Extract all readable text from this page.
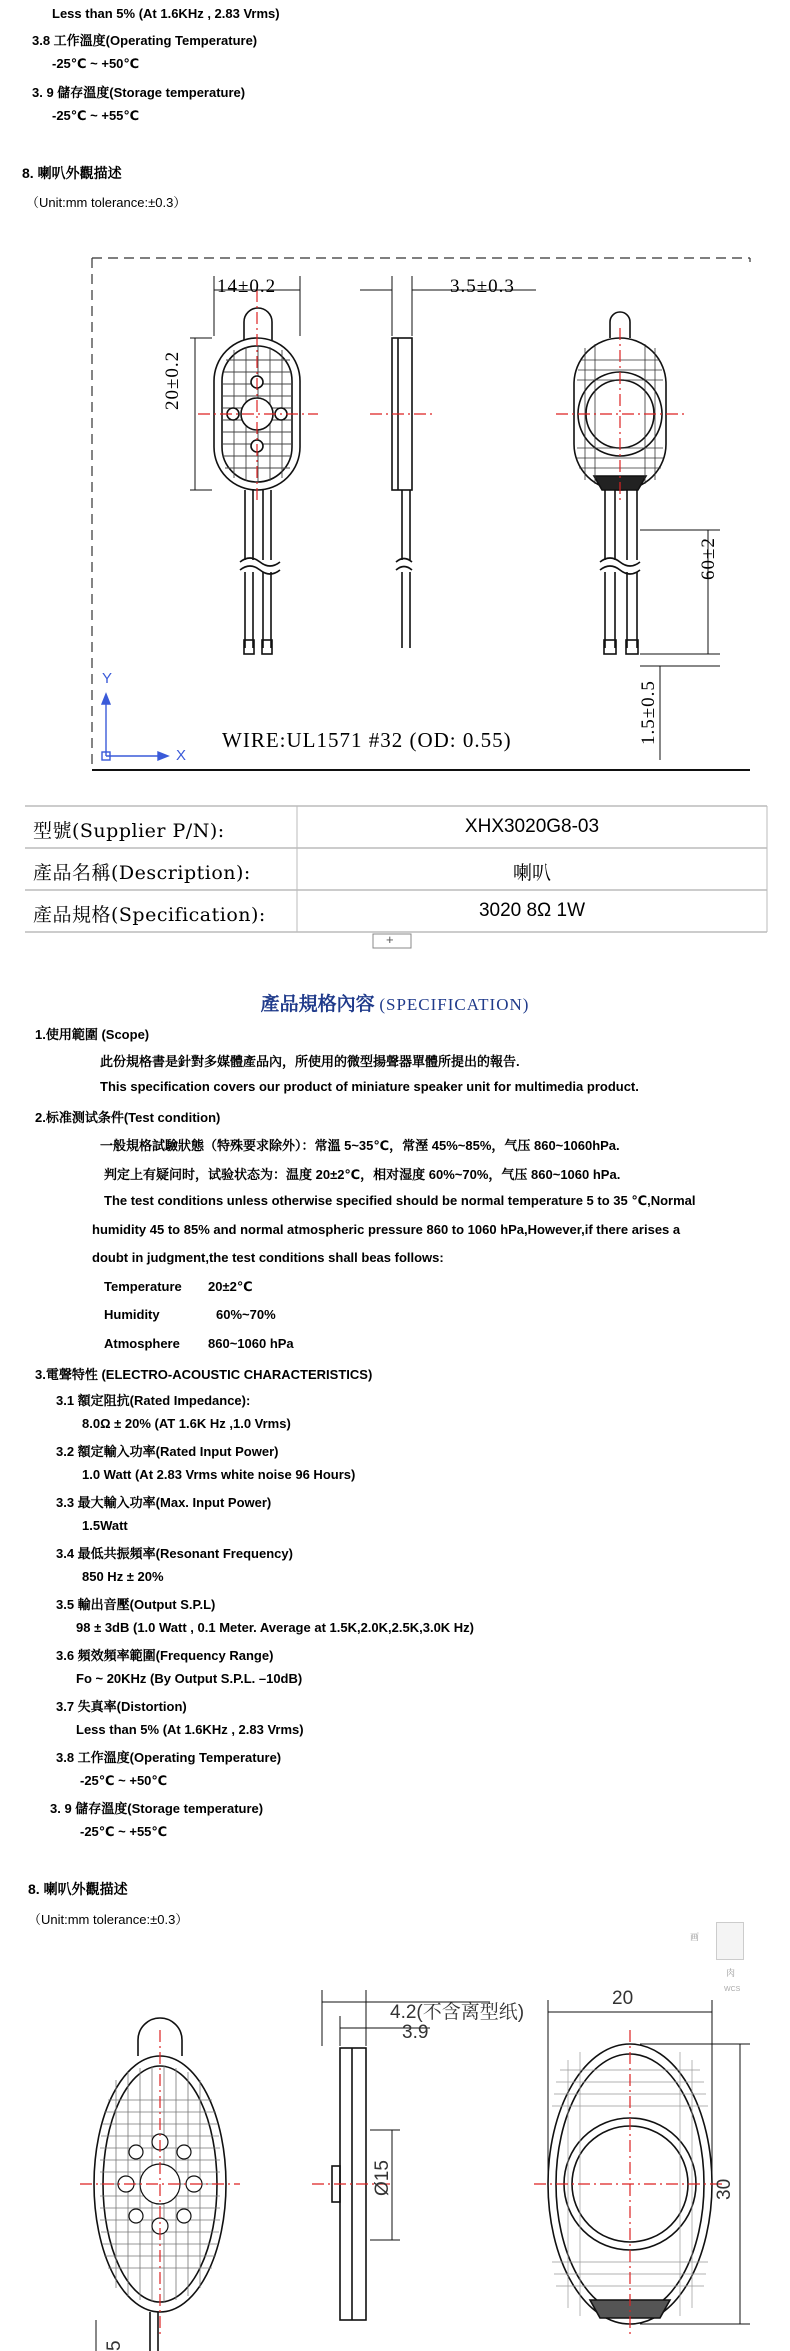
Less than 5% (At 1.6KHz , 2.83 Vrms)
3.8 工作溫度(Operating Temperature)
-25℃ ~ +50℃
3. 9 儲存溫度(Storage temperature)
-25℃ ~ +55℃
8. 喇叭外觀描述
（Unit:mm tolerance:±0.3）
14±0.2	3.5±0.3
20±0.2
60±2
1.5±0.5
Y
X
WIRE:UL1571 #32 (OD: 0.55)
型號(Supplier P/N):	XHX3020G8-03
產品名稱(Description):	喇叭
產品規格(Specification):	3020 8Ω 1W
+
產品規格內容 (SPECIFICATION)
1.使用範圍 (Scope)
此份規格書是針對多媒體產品內，所使用的微型揚聲器單體所提出的報告.
This specification covers our product of miniature speaker unit for multimedia product.
2.标准测试条件(Test condition)
一般規格試驗狀態（特殊要求除外）：常溫 5~35℃，常溼 45%~85%，气压 860~1060hPa.
判定上有疑问时，试验状态为：温度 20±2℃，相对湿度 60%~70%，气压 860~1060 hPa.
The test conditions unless otherwise specified should be normal temperature 5 to 35 ℃,Normal
humidity 45 to 85% and normal atmospheric pressure 860 to 1060 hPa,However,if there arises a
doubt in judgment,the test conditions shall beas follows:
Temperature 20±2℃
Humidity	60%~70%
Atmosphere 860~1060 hPa
3.電聲特性 (ELECTRO-ACOUSTIC CHARACTERISTICS)
3.1 額定阻抗(Rated Impedance):
8.0Ω ± 20% (AT 1.6K Hz ,1.0 Vrms)
3.2 額定輸入功率(Rated Input Power)
1.0 Watt (At 2.83 Vrms white noise 96 Hours)
3.3 最大輸入功率(Max. Input Power)
1.5Watt
3.4 最低共振頻率(Resonant Frequency)
850 Hz ± 20%
3.5 輸出音壓(Output S.P.L)
98 ± 3dB (1.0 Watt , 0.1 Meter. Average at 1.5K,2.0K,2.5K,3.0K Hz)
3.6 頻效頻率範圍(Frequency Range)
Fo ~ 20KHz (By Output S.P.L. –10dB)
3.7 失真率(Distortion)
Less than 5% (At 1.6KHz , 2.83 Vrms)
3.8 工作溫度(Operating Temperature)
-25℃ ~ +50℃
3. 9 儲存溫度(Storage temperature)
-25℃ ~ +55℃
8. 喇叭外觀描述
（Unit:mm tolerance:±0.3）
画
肉
WCS
4.2(不含离型纸)
3.9
Ø15
20
30
5
